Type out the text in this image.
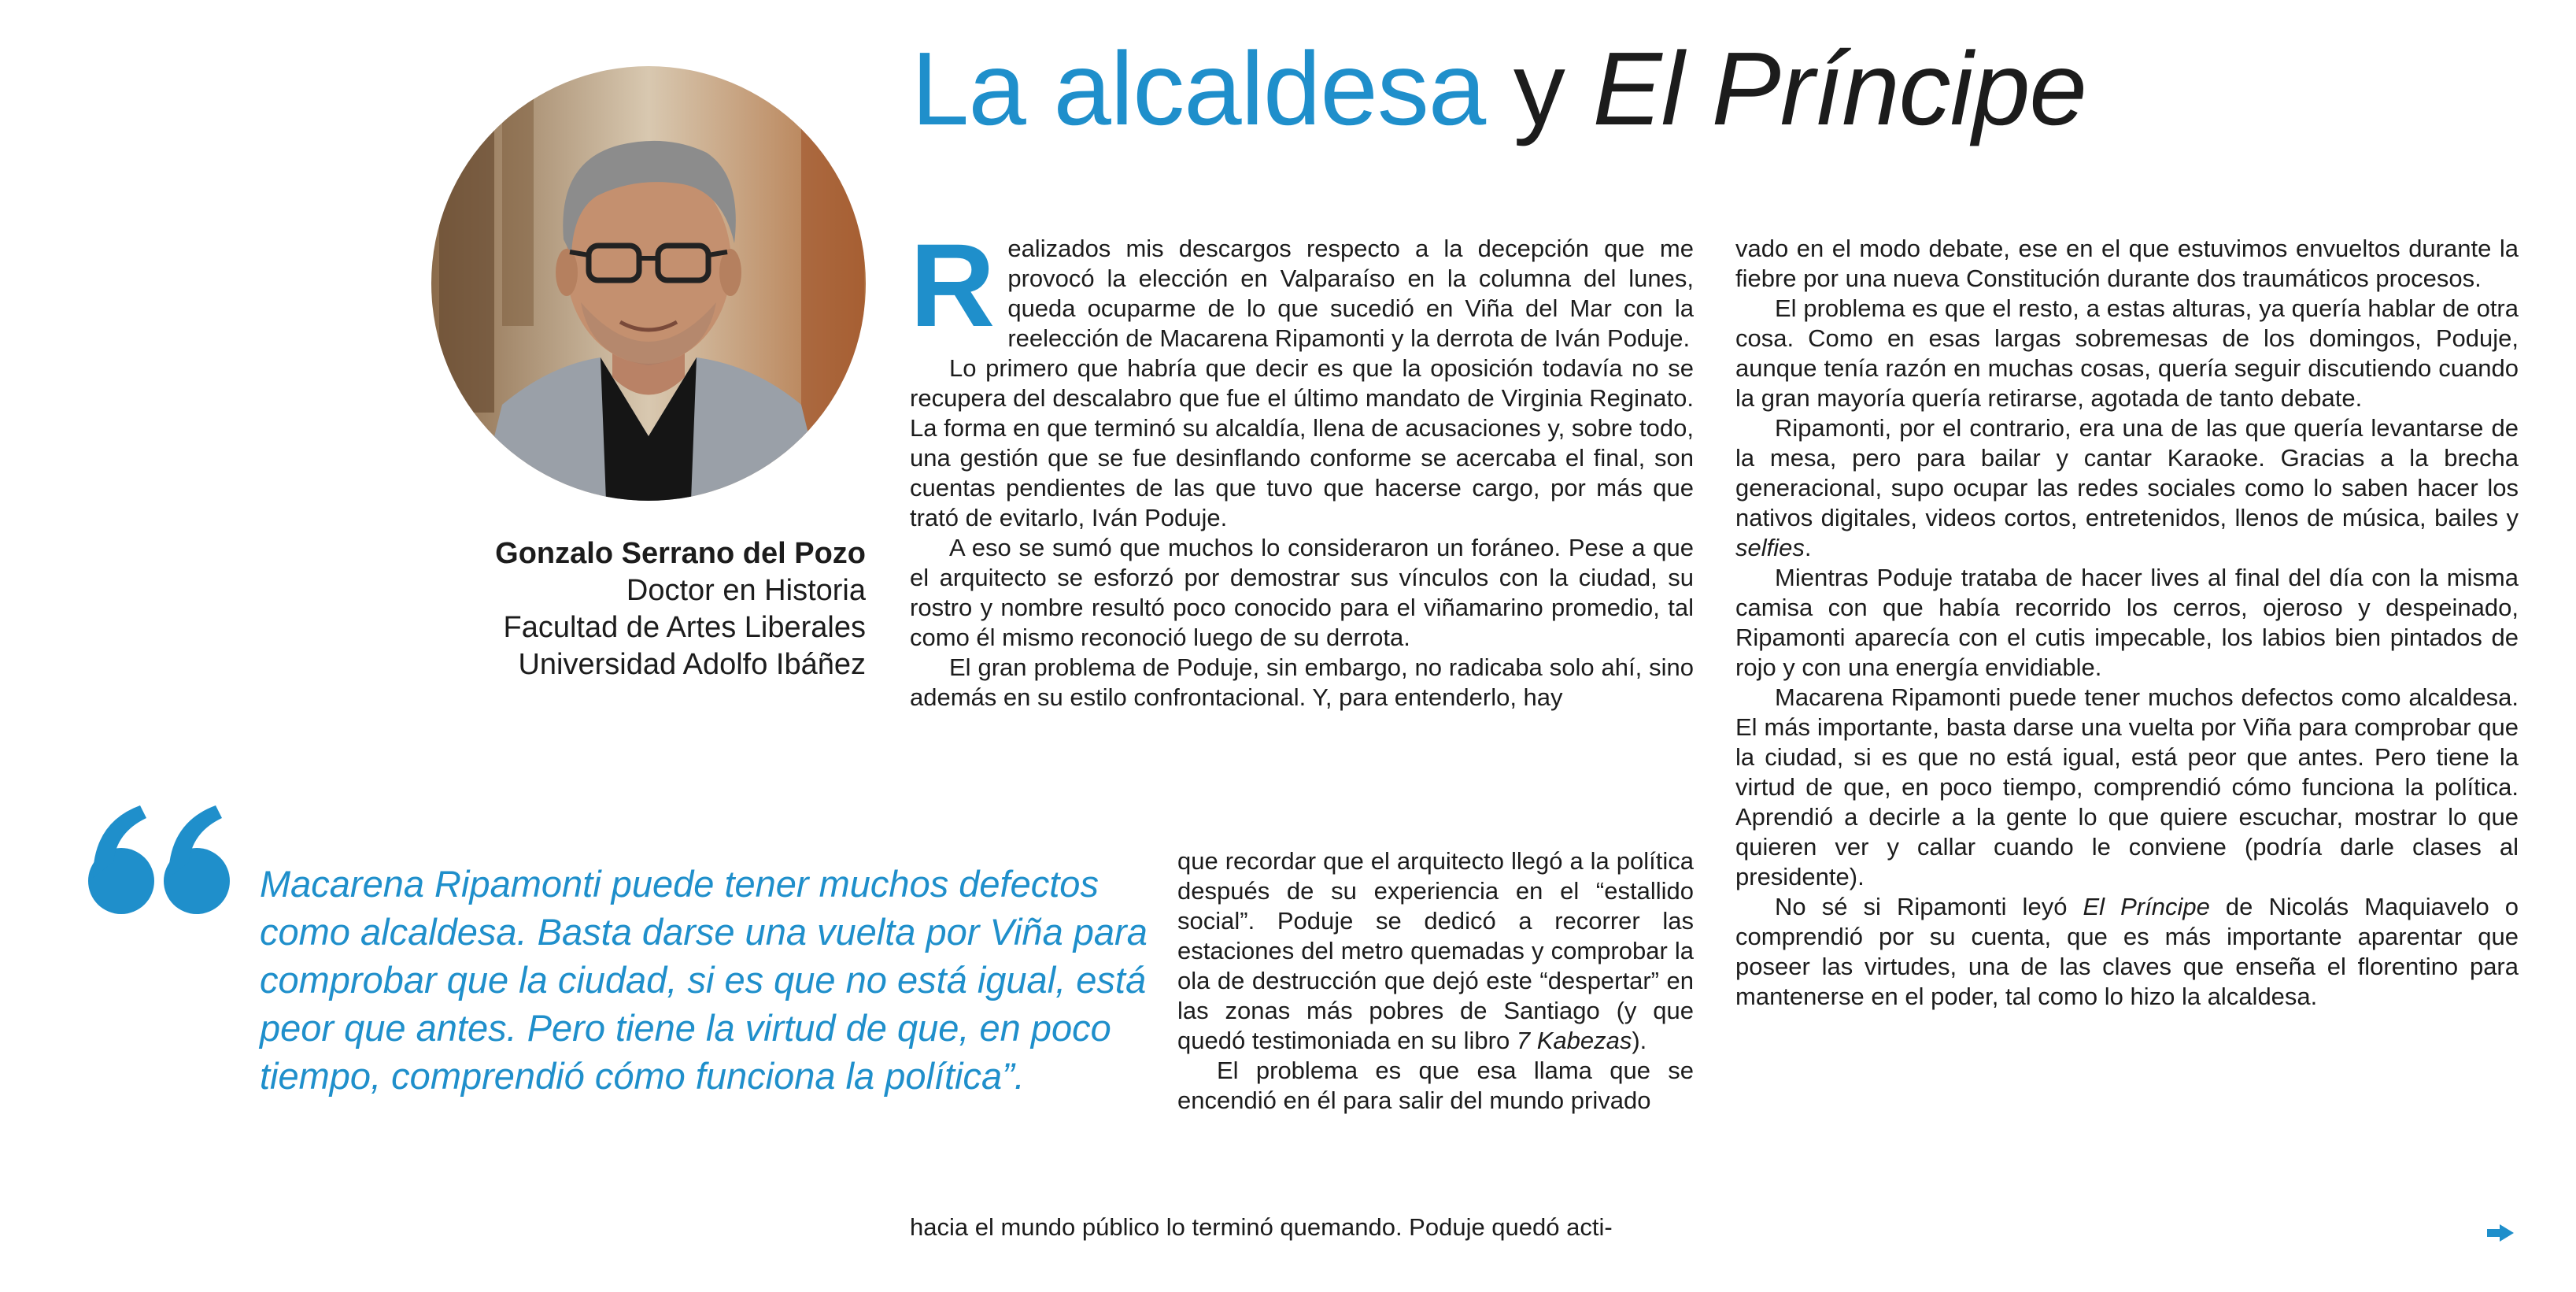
La alcaldesa y El Príncipe
Gonzalo Serrano del Pozo
Doctor en Historia
Facultad de Artes Liberales
Universidad Adolfo Ibáñez

Macarena Ripamonti puede tener muchos defectos como alcaldesa. Basta darse una vuelta por Viña para comprobar que la ciudad, si es que no está igual, está peor que antes. Pero tiene la virtud de que, en poco tiempo, comprendió cómo funciona la política”.

Realizados mis descargos respecto a la decepción que me provocó la elección en Valparaíso en la columna del lunes, queda ocuparme de lo que sucedió en Viña del Mar con la reelección de Macarena Ripamonti y la derrota de Iván Poduje.

Lo primero que habría que decir es que la oposición todavía no se recupera del descalabro que fue el último mandato de Virginia Reginato. La forma en que terminó su alcaldía, llena de acusaciones y, sobre todo, una gestión que se fue desinflando conforme se acercaba el final, son cuentas pendientes de las que tuvo que hacerse cargo, por más que trató de evitarlo, Iván Poduje.

A eso se sumó que muchos lo consideraron un foráneo. Pese a que el arquitecto se esforzó por demostrar sus vínculos con la ciudad, su rostro y nombre resultó poco conocido para el viñamarino promedio, tal como él mismo reconoció luego de su derrota.

El gran problema de Poduje, sin embargo, no radicaba solo ahí, sino además en su estilo confrontacional. Y, para entenderlo, hay

que recordar que el arquitecto llegó a la política después de su experiencia en el “estallido social”. Poduje se dedicó a recorrer las estaciones del metro quemadas y comprobar la ola de destrucción que dejó este “despertar” en las zonas más pobres de Santiago (y que quedó testimoniada en su libro 7 Kabezas).

El problema es que esa llama que se encendió en él para salir del mundo privado

hacia el mundo público lo terminó quemando. Poduje quedó acti-

vado en el modo debate, ese en el que estuvimos envueltos durante la fiebre por una nueva Constitución durante dos traumáticos procesos.

El problema es que el resto, a estas alturas, ya quería hablar de otra cosa. Como en esas largas sobremesas de los domingos, Poduje, aunque tenía razón en muchas cosas, quería seguir discutiendo cuando la gran mayoría quería retirarse, agotada de tanto debate.

Ripamonti, por el contrario, era una de las que quería levantarse de la mesa, pero para bailar y cantar Karaoke. Gracias a la brecha generacional, supo ocupar las redes sociales como lo saben hacer los nativos digitales, videos cortos, entretenidos, llenos de música, bailes y selfies.

Mientras Poduje trataba de hacer lives al final del día con la misma camisa con que había recorrido los cerros, ojeroso y despeinado, Ripamonti aparecía con el cutis impecable, los labios bien pintados de rojo y con una energía envidiable.

Macarena Ripamonti puede tener muchos defectos como alcaldesa. El más importante, basta darse una vuelta por Viña para comprobar que la ciudad, si es que no está igual, está peor que antes. Pero tiene la virtud de que, en poco tiempo, comprendió cómo funciona la política. Aprendió a decirle a la gente lo que quiere escuchar, mostrar lo que quieren ver y callar cuando le conviene (podría darle clases al presidente).

No sé si Ripamonti leyó El Príncipe de Nicolás Maquiavelo o comprendió por su cuenta, que es más importante aparentar que poseer las virtudes, una de las claves que enseña el florentino para mantenerse en el poder, tal como lo hizo la alcaldesa.
